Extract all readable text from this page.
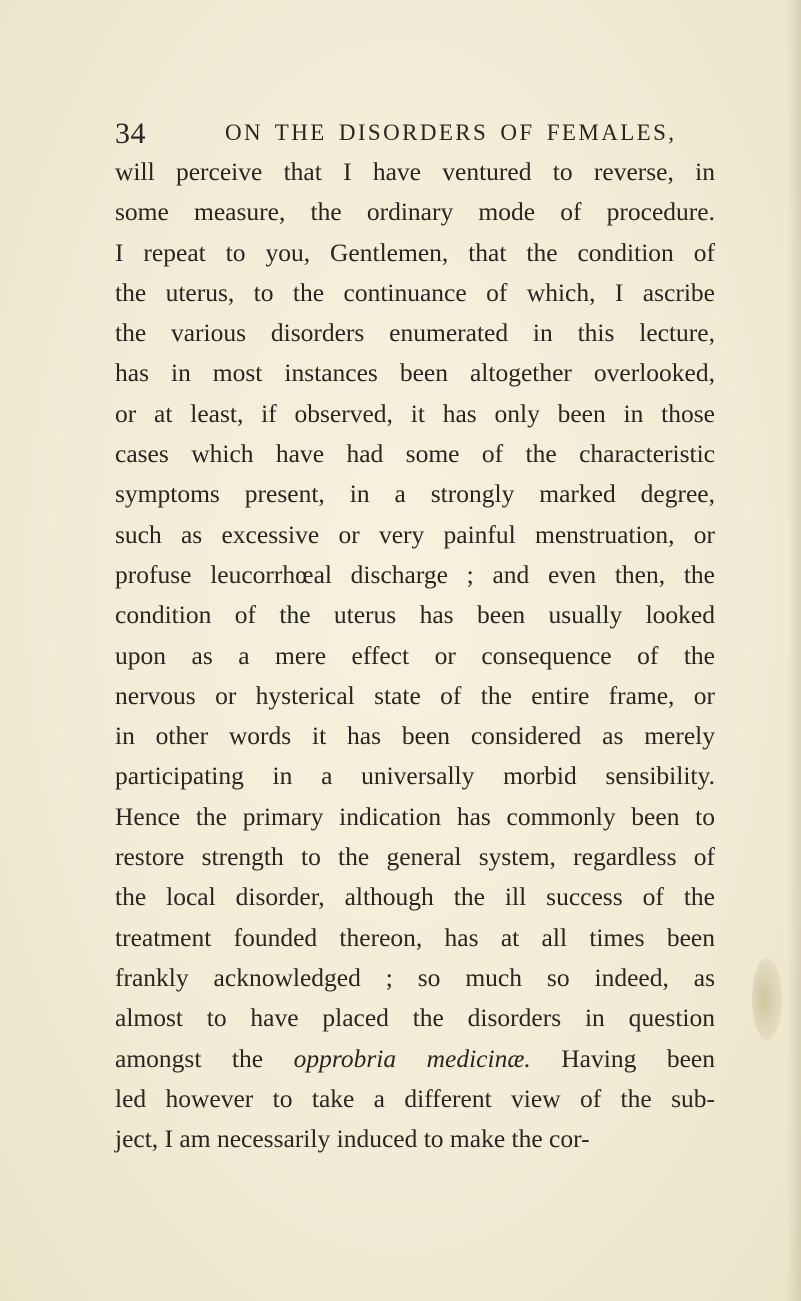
34	ON THE DISORDERS OF FEMALES,
will perceive that I have ventured to reverse, in
some measure, the ordinary mode of procedure.
I repeat to you, Gentlemen, that the condition of
the uterus, to the continuance of which, I ascribe
the various disorders enumerated in this lecture,
has in most instances been altogether overlooked,
or at least, if observed, it has only been in those
cases which have had some of the characteristic
symptoms present, in a strongly marked degree,
such as excessive or very painful menstruation, or
profuse leucorrhœal discharge ; and even then, the
condition of the uterus has been usually looked
upon as a mere effect or consequence of the
nervous or hysterical state of the entire frame, or
in other words it has been considered as merely
participating in a universally morbid sensibility.
Hence the primary indication has commonly been to
restore strength to the general system, regardless of
the local disorder, although the ill success of the
treatment founded thereon, has at all times been
frankly acknowledged ; so much so indeed, as
almost to have placed the disorders in question
amongst the opprobria medicinæ. Having been
led however to take a different view of the sub-
ject, I am necessarily induced to make the cor-
